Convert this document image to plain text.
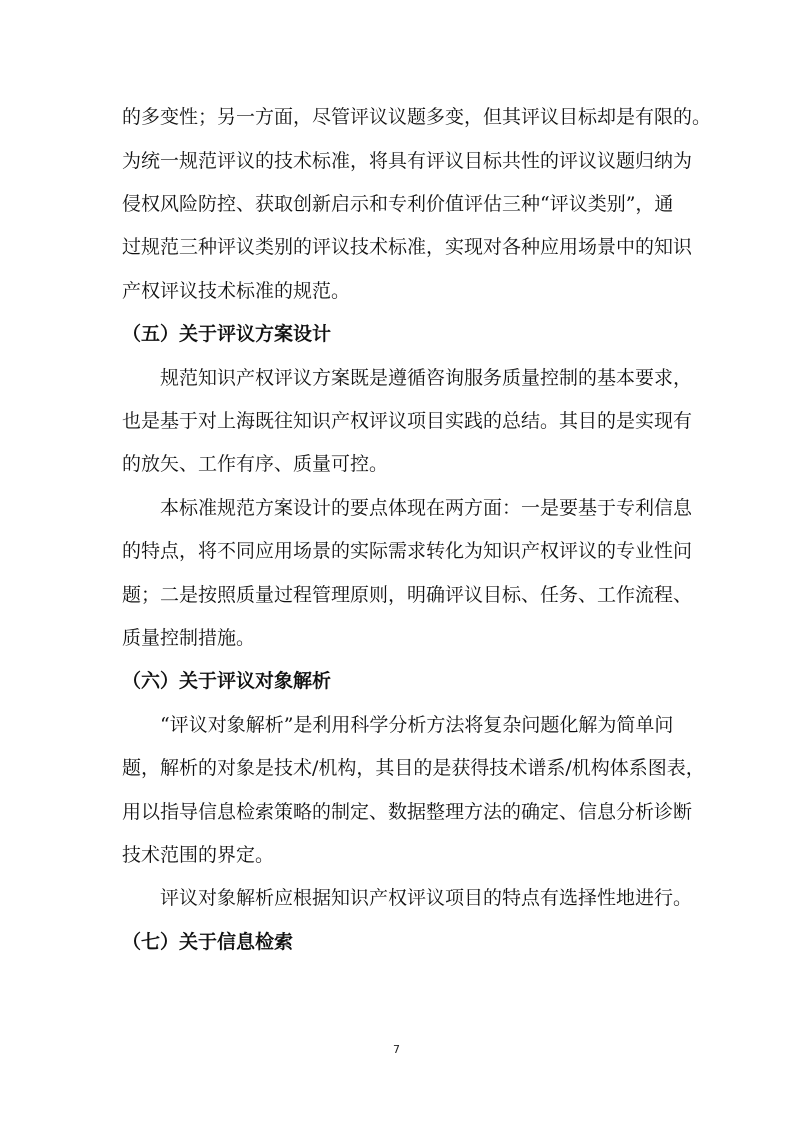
的多变性；另一方面，尽管评议议题多变，但其评议目标却是有限的。
为统一规范评议的技术标准，将具有评议目标共性的评议议题归纳为
侵权风险防控、获取创新启示和专利价值评估三种“评议类别”，通
过规范三种评议类别的评议技术标准，实现对各种应用场景中的知识
产权评议技术标准的规范。
（五）关于评议方案设计
规范知识产权评议方案既是遵循咨询服务质量控制的基本要求，
也是基于对上海既往知识产权评议项目实践的总结。其目的是实现有
的放矢、工作有序、质量可控。
本标准规范方案设计的要点体现在两方面：一是要基于专利信息
的特点，将不同应用场景的实际需求转化为知识产权评议的专业性问
题；二是按照质量过程管理原则，明确评议目标、任务、工作流程、
质量控制措施。
（六）关于评议对象解析
“评议对象解析”是利用科学分析方法将复杂问题化解为简单问
题，解析的对象是技术/机构，其目的是获得技术谱系/机构体系图表，
用以指导信息检索策略的制定、数据整理方法的确定、信息分析诊断
技术范围的界定。
评议对象解析应根据知识产权评议项目的特点有选择性地进行。
（七）关于信息检索
7
